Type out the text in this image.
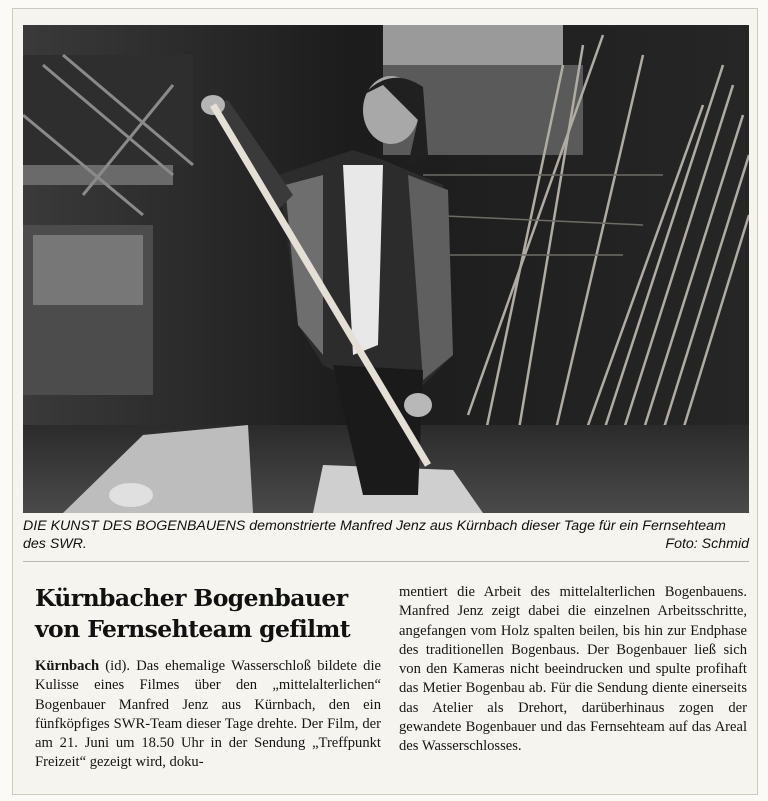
DIE KUNST DES BOGENBAUENS demonstrierte Manfred Jenz aus Kürnbach dieser Tage für ein Fernsehteam des SWR.	Foto: Schmid
Kürnbacher Bogenbauer von Fernsehteam gefilmt
Kürnbach (id). Das ehemalige Wasserschloß bildete die Kulisse eines Filmes über den „mittelalterlichen“ Bogenbauer Manfred Jenz aus Kürnbach, den ein fünfköpfiges SWR-Team dieser Tage drehte. Der Film, der am 21. Juni um 18.50 Uhr in der Sendung „Treffpunkt Freizeit“ gezeigt wird, doku-
mentiert die Arbeit des mittelalterlichen Bogenbauens. Manfred Jenz zeigt dabei die einzelnen Arbeitsschritte, angefangen vom Holz spalten beilen, bis hin zur Endphase des traditionellen Bogenbaus. Der Bogenbauer ließ sich von den Kameras nicht beeindrucken und spulte profihaft das Metier Bogenbau ab. Für die Sendung diente einerseits das Atelier als Drehort, darüberhinaus zogen der gewandete Bogenbauer und das Fernsehteam auf das Areal des Wasserschlosses.
